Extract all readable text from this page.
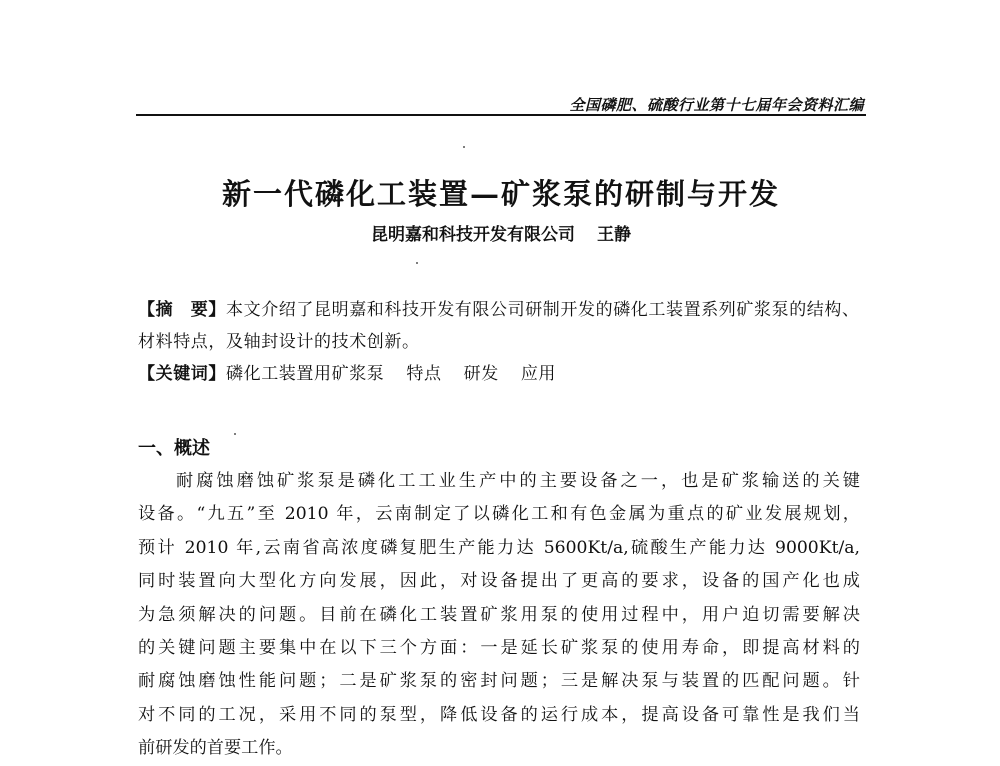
全国磷肥、硫酸行业第十七届年会资料汇编
新一代磷化工装置—矿浆泵的研制与开发
昆明嘉和科技开发有限公司 王静

【摘　要】本文介绍了昆明嘉和科技开发有限公司研制开发的磷化工装置系列矿浆泵的结构、材料特点，及轴封设计的技术创新。

【关键词】磷化工装置用矿浆泵 特点 研发 应用

一、概述
耐腐蚀磨蚀矿浆泵是磷化工工业生产中的主要设备之一，也是矿浆输送的关键
设备。“九五”至 2010 年，云南制定了以磷化工和有色金属为重点的矿业发展规划，
预计 2010 年,云南省高浓度磷复肥生产能力达 5600Kt/a,硫酸生产能力达 9000Kt/a,
同时装置向大型化方向发展，因此，对设备提出了更高的要求，设备的国产化也成
为急须解决的问题。目前在磷化工装置矿浆用泵的使用过程中，用户迫切需要解决
的关键问题主要集中在以下三个方面：一是延长矿浆泵的使用寿命，即提高材料的
耐腐蚀磨蚀性能问题；二是矿浆泵的密封问题；三是解决泵与装置的匹配问题。针
对不同的工况，采用不同的泵型，降低设备的运行成本，提高设备可靠性是我们当
前研发的首要工作。
